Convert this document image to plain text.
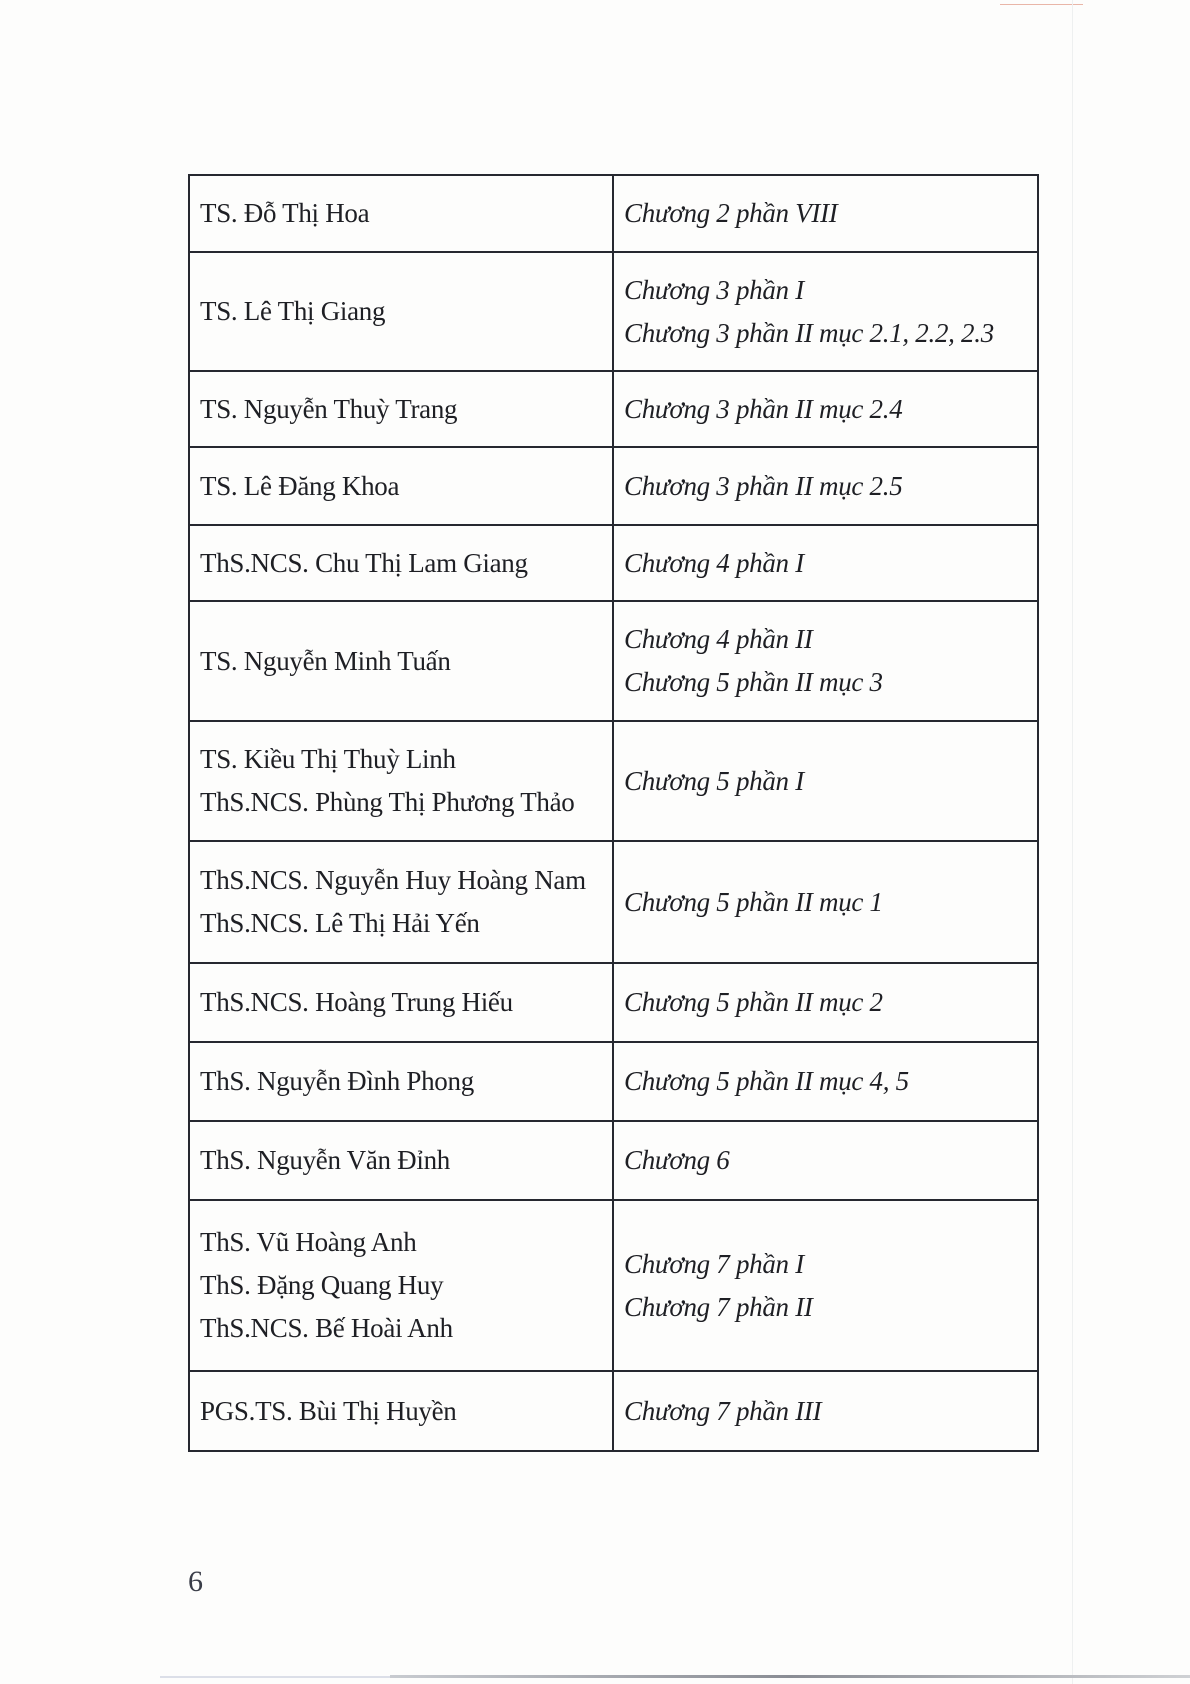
TS. Đỗ Thị Hoa	Chương 2 phần VIII

TS. Lê Thị Giang	Chương 3 phần I
Chương 3 phần II mục 2.1, 2.2, 2.3

TS. Nguyễn Thuỳ Trang	Chương 3 phần II mục 2.4

TS. Lê Đăng Khoa	Chương 3 phần II mục 2.5

ThS.NCS. Chu Thị Lam Giang	Chương 4 phần I

TS. Nguyễn Minh Tuấn	Chương 4 phần II
Chương 5 phần II mục 3

TS. Kiều Thị Thuỳ Linh
ThS.NCS. Phùng Thị Phương Thảo	Chương 5 phần I

ThS.NCS. Nguyễn Huy Hoàng Nam
ThS.NCS. Lê Thị Hải Yến	Chương 5 phần II mục 1

ThS.NCS. Hoàng Trung Hiếu	Chương 5 phần II mục 2

ThS. Nguyễn Đình Phong	Chương 5 phần II mục 4, 5

ThS. Nguyễn Văn Đỉnh	Chương 6

ThS. Vũ Hoàng Anh
ThS. Đặng Quang Huy
ThS.NCS. Bế Hoài Anh	Chương 7 phần I
Chương 7 phần II

PGS.TS. Bùi Thị Huyền	Chương 7 phần III
6
